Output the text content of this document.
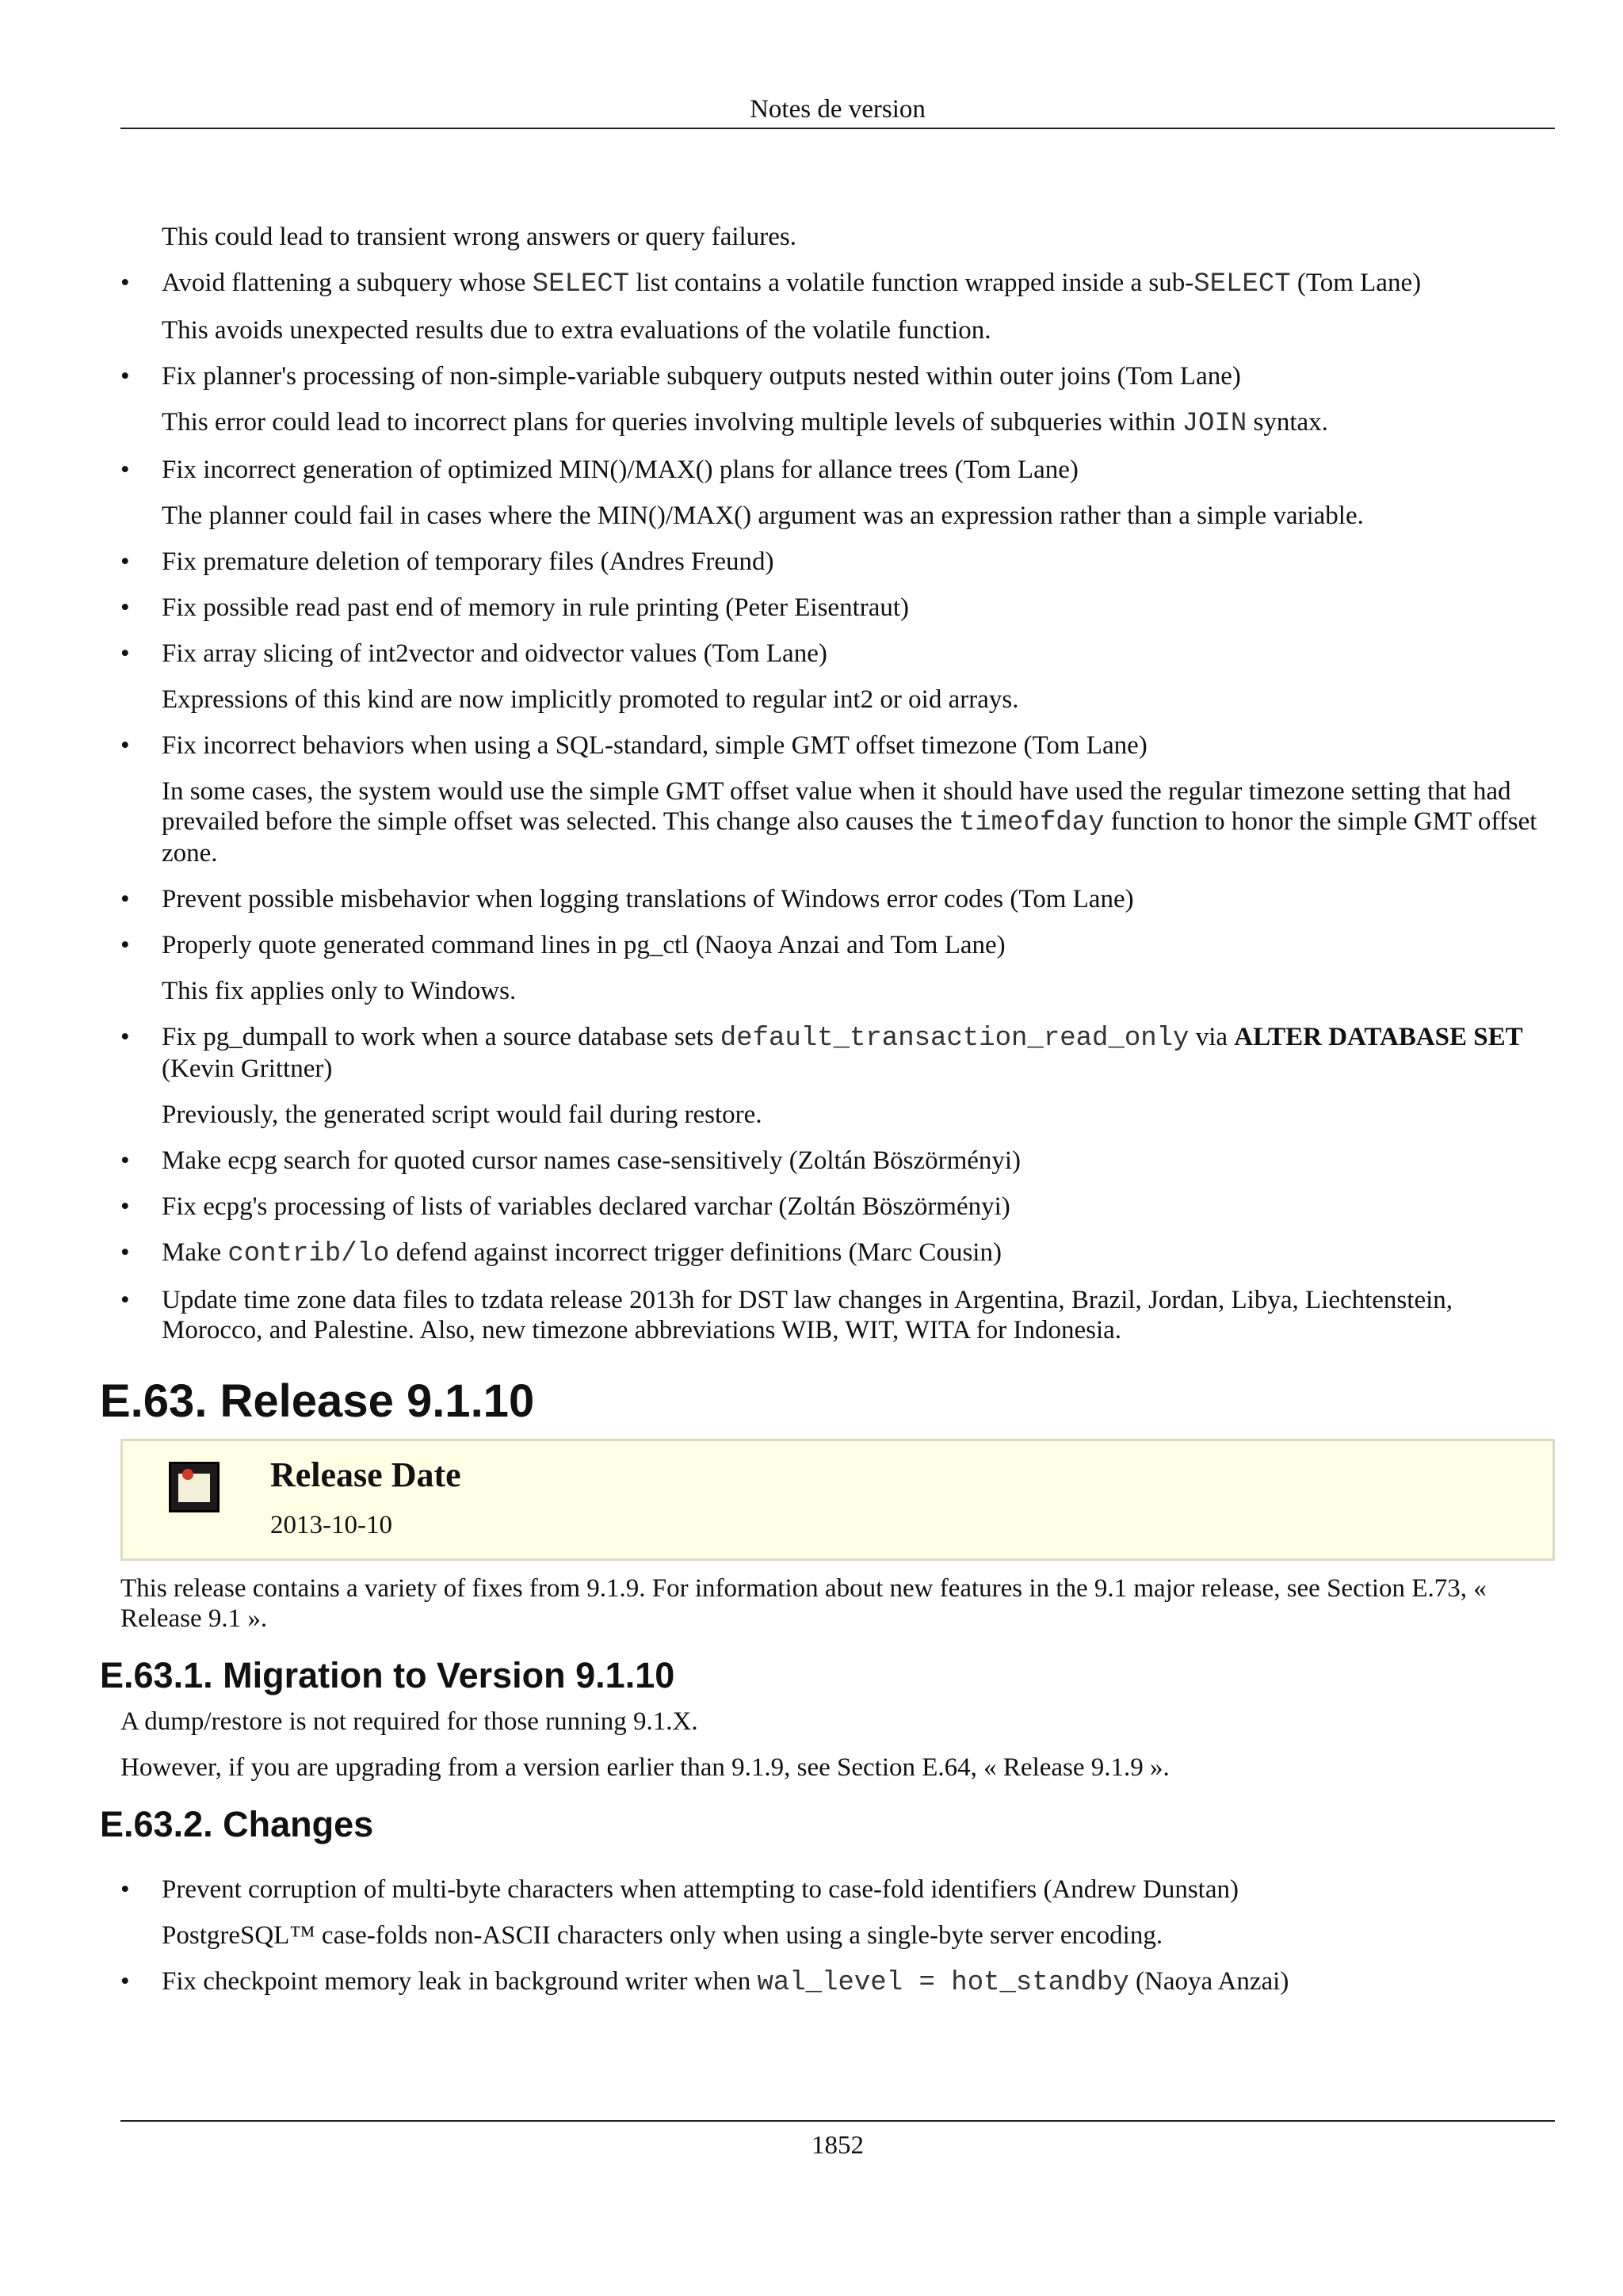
Notes de version

This could lead to transient wrong answers or query failures.

• Avoid flattening a subquery whose SELECT list contains a volatile function wrapped inside a sub-SELECT (Tom Lane)

This avoids unexpected results due to extra evaluations of the volatile function.

• Fix planner's processing of non-simple-variable subquery outputs nested within outer joins (Tom Lane)

This error could lead to incorrect plans for queries involving multiple levels of subqueries within JOIN syntax.

• Fix incorrect generation of optimized MIN()/MAX() plans for allance trees (Tom Lane)

The planner could fail in cases where the MIN()/MAX() argument was an expression rather than a simple variable.

• Fix premature deletion of temporary files (Andres Freund)

• Fix possible read past end of memory in rule printing (Peter Eisentraut)

• Fix array slicing of int2vector and oidvector values (Tom Lane)

Expressions of this kind are now implicitly promoted to regular int2 or oid arrays.

• Fix incorrect behaviors when using a SQL-standard, simple GMT offset timezone (Tom Lane)

In some cases, the system would use the simple GMT offset value when it should have used the regular timezone setting that had prevailed before the simple offset was selected. This change also causes the timeofday function to honor the simple GMT offset zone.

• Prevent possible misbehavior when logging translations of Windows error codes (Tom Lane)

• Properly quote generated command lines in pg_ctl (Naoya Anzai and Tom Lane)

This fix applies only to Windows.

• Fix pg_dumpall to work when a source database sets default_transaction_read_only via ALTER DATABASE SET (Kevin Grittner)

Previously, the generated script would fail during restore.

• Make ecpg search for quoted cursor names case-sensitively (Zoltán Böszörményi)

• Fix ecpg's processing of lists of variables declared varchar (Zoltán Böszörményi)

• Make contrib/lo defend against incorrect trigger definitions (Marc Cousin)

• Update time zone data files to tzdata release 2013h for DST law changes in Argentina, Brazil, Jordan, Libya, Liechtenstein, Morocco, and Palestine. Also, new timezone abbreviations WIB, WIT, WITA for Indonesia.

E.63. Release 9.1.10
Release Date
2013-10-10

This release contains a variety of fixes from 9.1.9. For information about new features in the 9.1 major release, see Section E.73, « Release 9.1 ».

E.63.1. Migration to Version 9.1.10

A dump/restore is not required for those running 9.1.X.

However, if you are upgrading from a version earlier than 9.1.9, see Section E.64, « Release 9.1.9 ».

E.63.2. Changes
• Prevent corruption of multi-byte characters when attempting to case-fold identifiers (Andrew Dunstan)

PostgreSQL™ case-folds non-ASCII characters only when using a single-byte server encoding.

• Fix checkpoint memory leak in background writer when wal_level = hot_standby (Naoya Anzai)

1852
